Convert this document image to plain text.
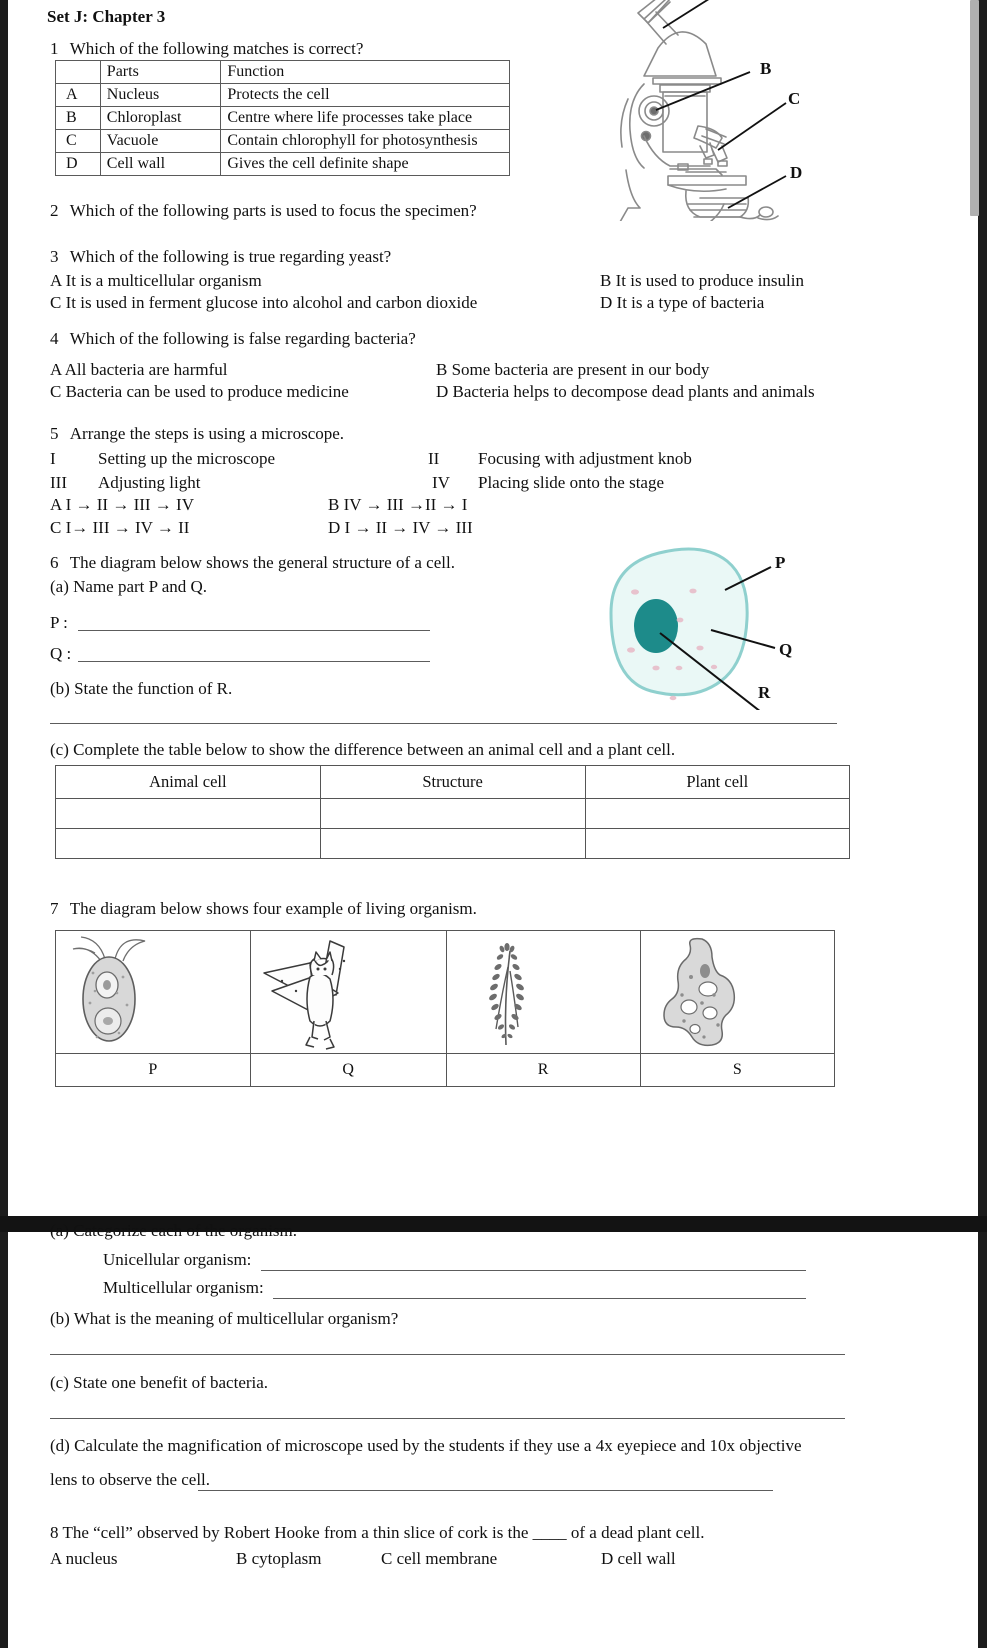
Set J: Chapter 3
1 Which of the following matches is correct?
	Parts	Function
A	Nucleus	Protects the cell
B	Chloroplast	Centre where life processes take place
C	Vacuole	Contain chlorophyll for photosynthesis
D	Cell wall	Gives the cell definite shape
B
C
D
2 Which of the following parts is used to focus the specimen?
3 Which of the following is true regarding yeast?
A It is a multicellular organism	B It is used to produce insulin
C It is used in ferment glucose into alcohol and carbon dioxide	D It is a type of bacteria
4 Which of the following is false regarding bacteria?
A All bacteria are harmful	B Some bacteria are present in our body
C Bacteria can be used to produce medicine	D Bacteria helps to decompose dead plants and animals
5 Arrange the steps is using a microscope.
I Setting up the microscope	II Focusing with adjustment knob
III Adjusting light	IV Placing slide onto the stage
A I → II → III → IV	B IV → III →II → I
C I→ III → IV → II	D I → II → IV → III
6 The diagram below shows the general structure of a cell.
(a) Name part P and Q.
P :
Q :
(b) State the function of R.
(c) Complete the table below to show the difference between an animal cell and a plant cell.
P
Q
R
Animal cell	Structure	Plant cell

7 The diagram below shows four example of living organism.

P	Q	R	S
(a) Categorize each of the organism.
Unicellular organism:
Multicellular organism:
(b) What is the meaning of multicellular organism?
(c) State one benefit of bacteria.
(d) Calculate the magnification of microscope used by the students if they use a 4x eyepiece and 10x objective
lens to observe the cell.
8 The “cell” observed by Robert Hooke from a thin slice of cork is the ____ of a dead plant cell.
A nucleus	B cytoplasm	C cell membrane	D cell wall
